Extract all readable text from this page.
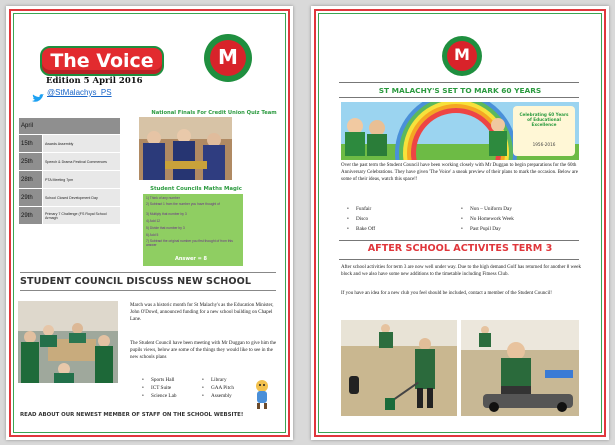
The Voice
Edition 5 April 2016
@StMalachys_PS
M
April	
15th	Awards Assembly
25th	Speech & Drama Festival Commences
28th	PTA Meeting 7pm
29th	School Closed Development Day
29th	Primary 7 Challenge (FS Royal School Armagh
National Finals For Credit Union Quiz Team
Student Councils Maths Magic
1) Think of any number
2) Subtract 1 from the number you have thought of
3) Multiply that number by 3
4) Add 12
5) Divide that number by 3
6) Add 5
7) Subtract the original number you first thought of from this answer
Answer = 8
STUDENT COUNCIL DISCUSS NEW SCHOOL
March was a historic month for St Malachy's as the Education Minister, John O'Dowd, announced funding for a new school building on Chapel Lane.
The Student Council have been meeting with Mr Duggan to give him the pupils views, below are some of the things they would like to see in the new schools plans
• Sports Hall
• ICT Suite
• Science Lab
• Library
• GAA Pitch
• Assembly
READ ABOUT OUR NEWEST MEMBER OF STAFF ON THE SCHOOL WEBSITE!
M
ST MALACHY'S SET TO MARK 60 YEARS
Celebrating 60 Years of Educational Excellence
1956-2016
Over the past term the Student Council have been working closely with Mr Duggan to begin preparations for the 60th Anniversary Celebrations. They have given 'The Voice' a sneak preview of their plans to mark the occasion. Below are some of their ideas, watch this space!!
• Funfair
• Disco
• Bake Off
• Non – Uniform Day
• No Homework Week
• Past Pupil Day
AFTER SCHOOL ACTIVITES TERM 3
After school activities for term 3 are now well under way. Due to the high demand Golf has returned for another 8 week block and we also have some new additions to the timetable including Fitness Club.
If you have an idea for a new club you feel should be included, contact a member of the Student Council!
